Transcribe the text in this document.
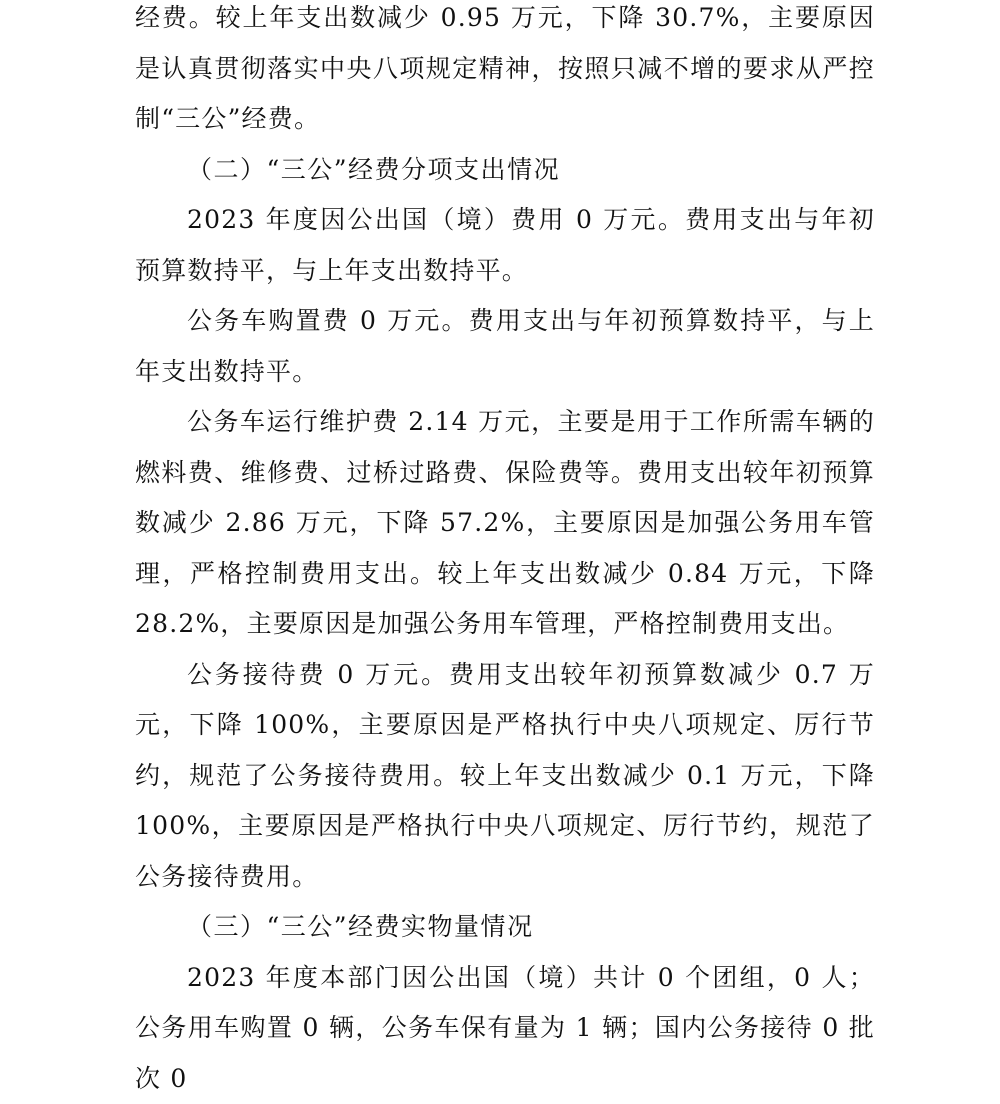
经费。较上年支出数减少 0.95 万元，下降 30.7%，主要原因是认真贯彻落实中央八项规定精神，按照只减不增的要求从严控制“三公”经费。

（二）“三公”经费分项支出情况

2023 年度因公出国（境）费用 0 万元。费用支出与年初预算数持平，与上年支出数持平。

公务车购置费 0 万元。费用支出与年初预算数持平，与上年支出数持平。

公务车运行维护费 2.14 万元，主要是用于工作所需车辆的燃料费、维修费、过桥过路费、保险费等。费用支出较年初预算数减少 2.86 万元，下降 57.2%，主要原因是加强公务用车管理，严格控制费用支出。较上年支出数减少 0.84 万元，下降 28.2%，主要原因是加强公务用车管理，严格控制费用支出。

公务接待费 0 万元。费用支出较年初预算数减少 0.7 万元，下降 100%，主要原因是严格执行中央八项规定、厉行节约，规范了公务接待费用。较上年支出数减少 0.1 万元，下降 100%，主要原因是严格执行中央八项规定、厉行节约，规范了公务接待费用。

（三）“三公”经费实物量情况

2023 年度本部门因公出国（境）共计 0 个团组，0 人；公务用车购置 0 辆，公务车保有量为 1 辆；国内公务接待 0 批次 0
